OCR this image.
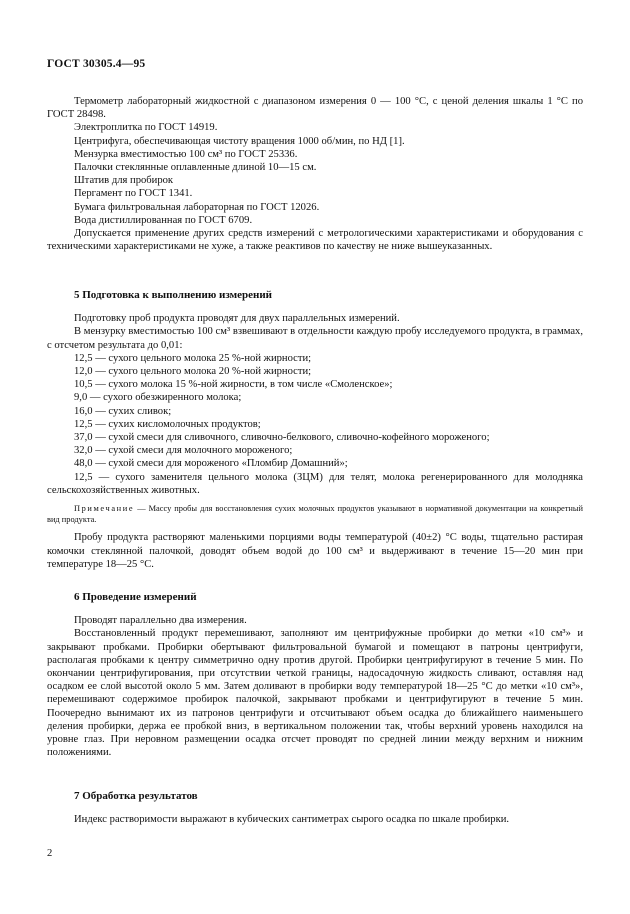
ГОСТ 30305.4—95

Термометр лабораторный жидкостной с диапазоном измерения 0 — 100 °С, с ценой деления шкалы 1 °С по ГОСТ 28498.

Электроплитка по ГОСТ 14919.

Центрифуга, обеспечивающая чистоту вращения 1000 об/мин, по НД [1].

Мензурка вместимостью 100 см³ по ГОСТ 25336.

Палочки стеклянные оплавленные длиной 10—15 см.

Штатив для пробирок

Пергамент по ГОСТ 1341.

Бумага фильтровальная лабораторная по ГОСТ 12026.

Вода дистиллированная по ГОСТ 6709.

Допускается применение других средств измерений с метрологическими характеристиками и оборудования с техническими характеристиками не хуже, а также реактивов по качеству не ниже вышеуказанных.

5 Подготовка к выполнению измерений

Подготовку проб продукта проводят для двух параллельных измерений.

В мензурку вместимостью 100 см³ взвешивают в отдельности каждую пробу исследуемого продукта, в граммах, с отсчетом результата до 0,01:

12,5 — сухого цельного молока 25 %-ной жирности;

12,0 — сухого цельного молока 20 %-ной жирности;

10,5 — сухого молока 15 %-ной жирности, в том числе «Смоленское»;

9,0 — сухого обезжиренного молока;

16,0 — сухих сливок;

12,5 — сухих кисломолочных продуктов;

37,0 — сухой смеси для сливочного, сливочно-белкового, сливочно-кофейного мороженого;

32,0 — сухой смеси для молочного мороженого;

48,0 — сухой смеси для мороженого «Пломбир Домашний»;

12,5 — сухого заменителя цельного молока (ЗЦМ) для телят, молока регенерированного для молодняка сельскохозяйственных животных.

Примечание — Массу пробы для восстановления сухих молочных продуктов указывают в нормативной документации на конкретный вид продукта.

Пробу продукта растворяют маленькими порциями воды температурой (40±2) °С воды, тщательно растирая комочки стеклянной палочкой, доводят объем водой до 100 см³ и выдерживают в течение 15—20 мин при температуре 18—25 °С.

6 Проведение измерений

Проводят параллельно два измерения.

Восстановленный продукт перемешивают, заполняют им центрифужные пробирки до метки «10 см³» и закрывают пробками. Пробирки обертывают фильтровальной бумагой и помещают в патроны центрифуги, располагая пробками к центру симметрично одну против другой. Пробирки центрифугируют в течение 5 мин. По окончании центрифугирования, при отсутствии четкой границы, надосадочную жидкость сливают, оставляя над осадком ее слой высотой около 5 мм. Затем доливают в пробирки воду температурой 18—25 °С до метки «10 см³», перемешивают содержимое пробирок палочкой, закрывают пробками и центрифугируют в течение 5 мин. Поочередно вынимают их из патронов центрифуги и отсчитывают объем осадка до ближайшего наименьшего деления пробирки, держа ее пробкой вниз, в вертикальном положении так, чтобы верхний уровень находился на уровне глаз. При неровном размещении осадка отсчет проводят по средней линии между верхним и нижним положениями.

7 Обработка результатов

Индекс растворимости выражают в кубических сантиметрах сырого осадка по шкале пробирки.

2
